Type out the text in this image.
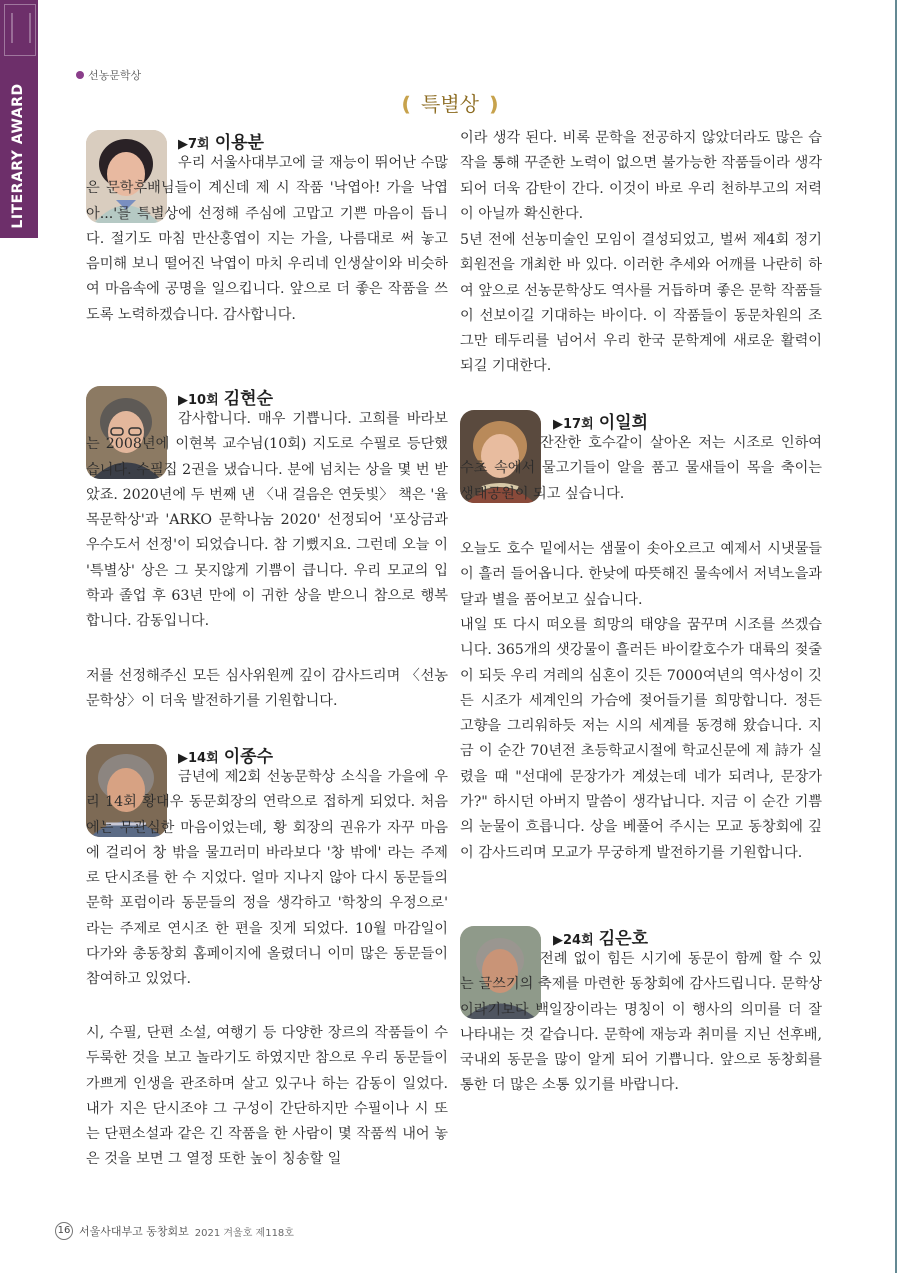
LITERARY AWARD
선농문학상
❪ 특별상 ❫
▶7회 이용분

우리 서울사대부고에 글 재능이 뛰어난 수많은 문학후배님들이 계신데 제 시 작품 '낙엽아! 가을 낙엽아...'를 특별상에 선정해 주심에 고맙고 기쁜 마음이 듭니다. 절기도 마침 만산홍엽이 지는 가을, 나름대로 써 놓고 음미해 보니 떨어진 낙엽이 마치 우리네 인생살이와 비슷하여 마음속에 공명을 일으킵니다. 앞으로 더 좋은 작품을 쓰도록 노력하겠습니다. 감사합니다.

▶10회 김현순

감사합니다. 매우 기쁩니다. 고희를 바라보는 2008년에 이현복 교수님(10회) 지도로 수필로 등단했습니다. 수필집 2권을 냈습니다. 분에 넘치는 상을 몇 번 받았죠. 2020년에 두 번째 낸 〈내 걸음은 연둣빛〉 책은 '율목문학상'과 'ARKO 문학나눔 2020' 선정되어 '포상금과 우수도서 선정'이 되었습니다. 참 기뻤지요. 그런데 오늘 이 '특별상' 상은 그 못지않게 기쁨이 큽니다. 우리 모교의 입학과 졸업 후 63년 만에 이 귀한 상을 받으니 참으로 행복합니다. 감동입니다.

저를 선정해주신 모든 심사위원께 깊이 감사드리며 〈선농문학상〉이 더욱 발전하기를 기원합니다.

▶14회 이종수

금년에 제2회 선농문학상 소식을 가을에 우리 14회 황대우 동문회장의 연락으로 접하게 되었다. 처음에는 무관심한 마음이었는데, 황 회장의 권유가 자꾸 마음에 걸리어 창 밖을 물끄러미 바라보다 '창 밖에' 라는 주제로 단시조를 한 수 지었다. 얼마 지나지 않아 다시 동문들의 문학 포럼이라 동문들의 정을 생각하고 '학창의 우정으로' 라는 주제로 연시조 한 편을 짓게 되었다. 10월 마감일이 다가와 총동창회 홈페이지에 올렸더니 이미 많은 동문들이 참여하고 있었다.

시, 수필, 단편 소설, 여행기 등 다양한 장르의 작품들이 수두룩한 것을 보고 놀라기도 하였지만 참으로 우리 동문들이 가쁘게 인생을 관조하며 살고 있구나 하는 감동이 일었다. 내가 지은 단시조야 그 구성이 간단하지만 수필이나 시 또는 단편소설과 같은 긴 작품을 한 사람이 몇 작품씩 내어 놓은 것을 보면 그 열정 또한 높이 칭송할 일

이라 생각 된다. 비록 문학을 전공하지 않았더라도 많은 습작을 통해 꾸준한 노력이 없으면 불가능한 작품들이라 생각되어 더욱 감탄이 간다. 이것이 바로 우리 천하부고의 저력이 아닐까 확신한다.

5년 전에 선농미술인 모임이 결성되었고, 벌써 제4회 정기회원전을 개최한 바 있다. 이러한 추세와 어깨를 나란히 하여 앞으로 선농문학상도 역사를 거듭하며 좋은 문학 작품들이 선보이길 기대하는 바이다. 이 작품들이 동문차원의 조그만 테두리를 넘어서 우리 한국 문학계에 새로운 활력이 되길 기대한다.

▶17회 이일희

잔잔한 호수같이 살아온 저는 시조로 인하여 수초 속에서 물고기들이 알을 품고 물새들이 목을 축이는 생태공원이 되고 싶습니다.

오늘도 호수 밑에서는 샘물이 솟아오르고 예제서 시냇물들이 흘러 들어옵니다. 한낮에 따뜻해진 물속에서 저녁노을과 달과 별을 품어보고 싶습니다.

내일 또 다시 떠오를 희망의 태양을 꿈꾸며 시조를 쓰겠습니다. 365개의 샛강물이 흘러든 바이칼호수가 대륙의 젖줄이 되듯 우리 겨레의 심혼이 깃든 7000여년의 역사성이 깃든 시조가 세계인의 가슴에 젖어들기를 희망합니다. 정든 고향을 그리워하듯 저는 시의 세계를 동경해 왔습니다. 지금 이 순간 70년전 초등학교시절에 학교신문에 제 詩가 실렸을 때 "선대에 문장가가 계셨는데 네가 되려나, 문장가가?" 하시던 아버지 말씀이 생각납니다. 지금 이 순간 기쁨의 눈물이 흐릅니다. 상을 베풀어 주시는 모교 동창회에 깊이 감사드리며 모교가 무궁하게 발전하기를 기원합니다.

▶24회 김은호

전례 없이 힘든 시기에 동문이 함께 할 수 있는 글쓰기의 축제를 마련한 동창회에 감사드립니다. 문학상이라기보다 백일장이라는 명칭이 이 행사의 의미를 더 잘 나타내는 것 같습니다. 문학에 재능과 취미를 지닌 선후배, 국내외 동문을 많이 알게 되어 기쁩니다. 앞으로 동창회를 통한 더 많은 소통 있기를 바랍니다.

16 서울사대부고 동창회보 2021 겨울호 제118호
